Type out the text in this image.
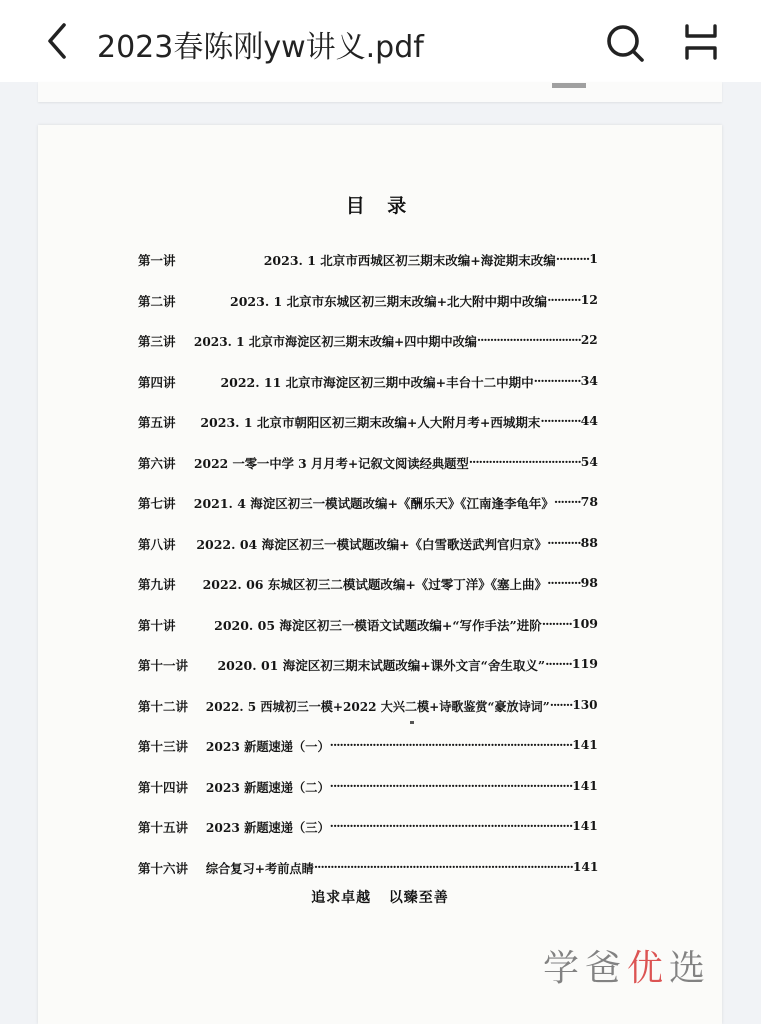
2023春陈刚yw讲义.pdf
目 录
第一讲	2023. 1 北京市西城区初三期末改编+海淀期末改编 ·········· 1
第二讲	2023. 1 北京市东城区初三期末改编+北大附中期中改编 ·········· 12
第三讲 2023. 1 北京市海淀区初三期末改编+四中期中改编 ································ 22
第四讲	2022. 11 北京市海淀区初三期中改编+丰台十二中期中 ·············· 34
第五讲 2023. 1 北京市朝阳区初三期末改编+人大附月考+西城期末 ············ 44
第六讲 2022 一零一中学 3 月月考+记叙文阅读经典题型 ·································· 54
第七讲 2021. 4 海淀区初三一模试题改编+《酬乐天》《江南逢李龟年》 ········ 78
第八讲 2022. 04 海淀区初三一模试题改编+《白雪歌送武判官归京》 ·········· 88
第九讲 2022. 06 东城区初三二模试题改编+《过零丁洋》《塞上曲》 ·········· 98
第十讲	2020. 05 海淀区初三一模语文试题改编+“写作手法”进阶 ········· 109
第十一讲 2020. 01 海淀区初三期末试题改编+课外文言“舍生取义” ········ 119
第十二讲 2022. 5 西城初三一模+2022 大兴二模+诗歌鉴赏“豪放诗词” ······· 130
第十三讲 2023 新题速递（一） ·········································································· 141
第十四讲 2023 新题速递（二） ·········································································· 141
第十五讲 2023 新题速递（三） ·········································································· 141
第十六讲 综合复习+考前点睛 ··············································································· 141
追求卓越   以臻至善
学爸优选
